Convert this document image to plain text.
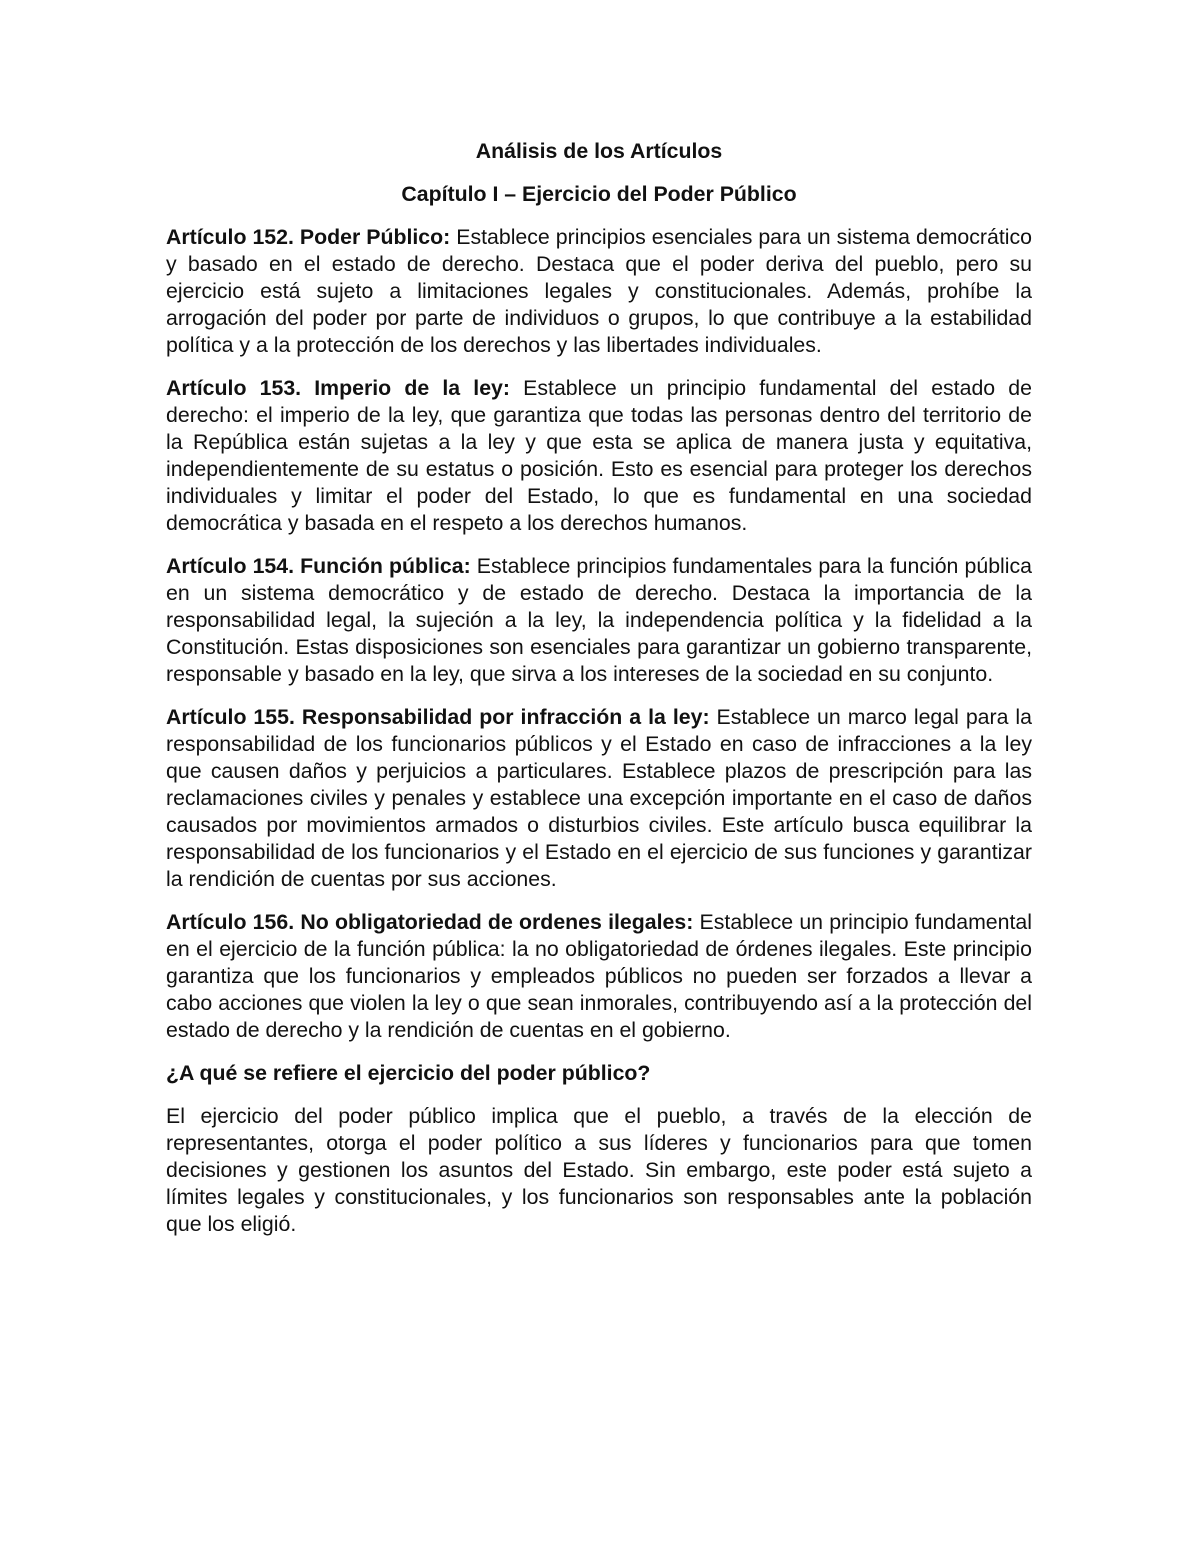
Análisis de los Artículos
Capítulo I – Ejercicio del Poder Público

Artículo 152. Poder Público: Establece principios esenciales para un sistema democrático y basado en el estado de derecho. Destaca que el poder deriva del pueblo, pero su ejercicio está sujeto a limitaciones legales y constitucionales. Además, prohíbe la arrogación del poder por parte de individuos o grupos, lo que contribuye a la estabilidad política y a la protección de los derechos y las libertades individuales.

Artículo 153. Imperio de la ley: Establece un principio fundamental del estado de derecho: el imperio de la ley, que garantiza que todas las personas dentro del territorio de la República están sujetas a la ley y que esta se aplica de manera justa y equitativa, independientemente de su estatus o posición. Esto es esencial para proteger los derechos individuales y limitar el poder del Estado, lo que es fundamental en una sociedad democrática y basada en el respeto a los derechos humanos.

Artículo 154. Función pública: Establece principios fundamentales para la función pública en un sistema democrático y de estado de derecho. Destaca la importancia de la responsabilidad legal, la sujeción a la ley, la independencia política y la fidelidad a la Constitución. Estas disposiciones son esenciales para garantizar un gobierno transparente, responsable y basado en la ley, que sirva a los intereses de la sociedad en su conjunto.

Artículo 155. Responsabilidad por infracción a la ley: Establece un marco legal para la responsabilidad de los funcionarios públicos y el Estado en caso de infracciones a la ley que causen daños y perjuicios a particulares. Establece plazos de prescripción para las reclamaciones civiles y penales y establece una excepción importante en el caso de daños causados por movimientos armados o disturbios civiles. Este artículo busca equilibrar la responsabilidad de los funcionarios y el Estado en el ejercicio de sus funciones y garantizar la rendición de cuentas por sus acciones.

Artículo 156. No obligatoriedad de ordenes ilegales: Establece un principio fundamental en el ejercicio de la función pública: la no obligatoriedad de órdenes ilegales. Este principio garantiza que los funcionarios y empleados públicos no pueden ser forzados a llevar a cabo acciones que violen la ley o que sean inmorales, contribuyendo así a la protección del estado de derecho y la rendición de cuentas en el gobierno.

¿A qué se refiere el ejercicio del poder público?

El ejercicio del poder público implica que el pueblo, a través de la elección de representantes, otorga el poder político a sus líderes y funcionarios para que tomen decisiones y gestionen los asuntos del Estado. Sin embargo, este poder está sujeto a límites legales y constitucionales, y los funcionarios son responsables ante la población que los eligió.
